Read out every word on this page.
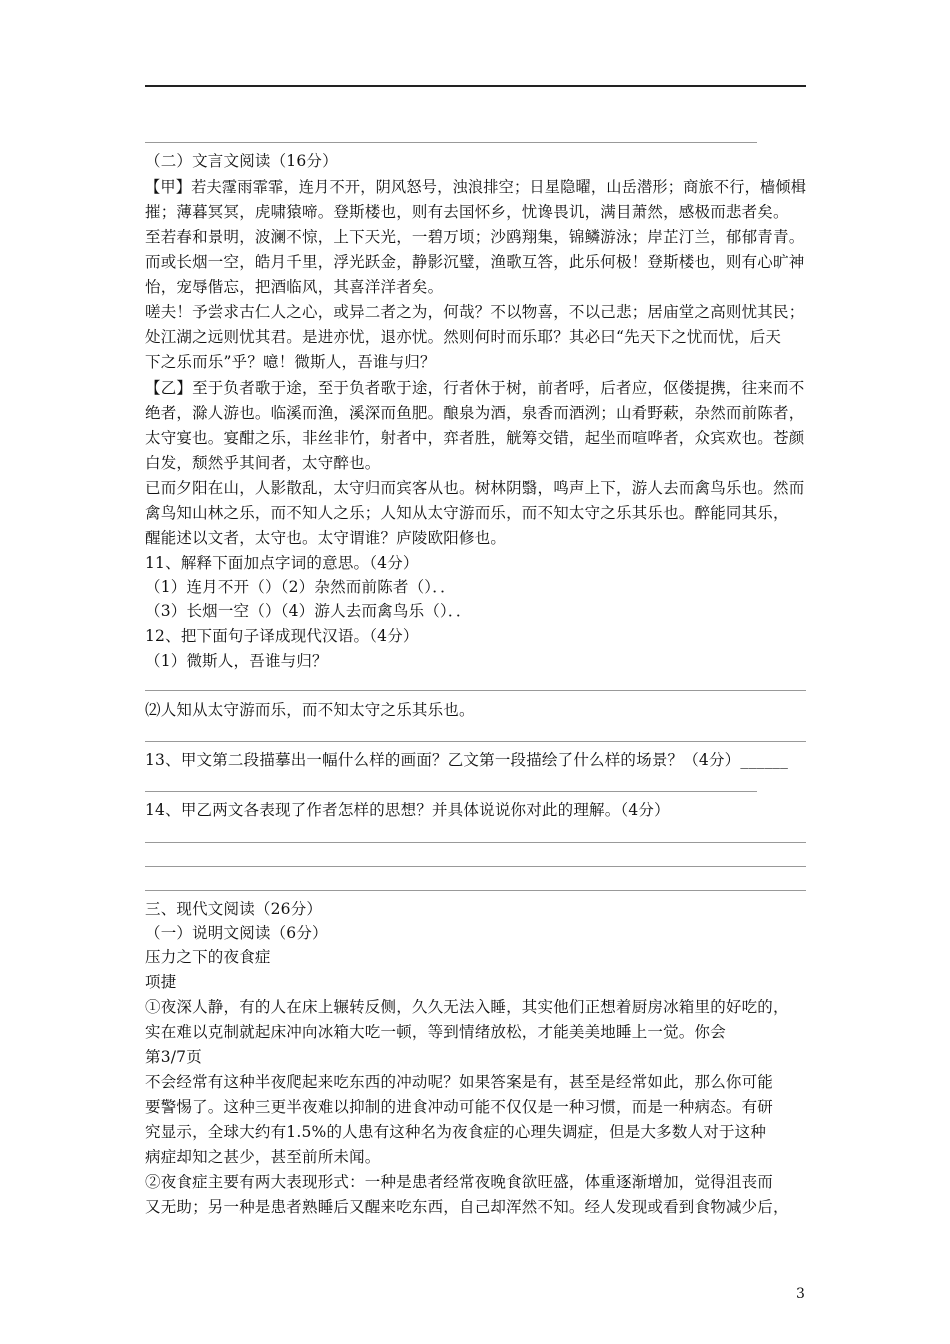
（二）文言文阅读（16分）
【甲】若夫霪雨霏霏，连月不开，阴风怒号，浊浪排空；日星隐曜，山岳潜形；商旅不行，樯倾楫
摧；薄暮冥冥，虎啸猿啼。登斯楼也，则有去国怀乡，忧谗畏讥，满目萧然，感极而悲者矣。
至若春和景明，波澜不惊，上下天光，一碧万顷；沙鸥翔集，锦鳞游泳；岸芷汀兰，郁郁青青。
而或长烟一空，皓月千里，浮光跃金，静影沉璧，渔歌互答，此乐何极！登斯楼也，则有心旷神
怡，宠辱偕忘，把酒临风，其喜洋洋者矣。
嗟夫！予尝求古仁人之心，或异二者之为，何哉？不以物喜，不以己悲；居庙堂之高则忧其民；
处江湖之远则忧其君。是进亦忧，退亦忧。然则何时而乐耶？其必曰“先天下之忧而忧，后天
下之乐而乐”乎？噫！微斯人，吾谁与归？
【乙】至于负者歌于途，至于负者歌于途，行者休于树，前者呼，后者应，伛偻提携，往来而不
绝者，滁人游也。临溪而渔，溪深而鱼肥。酿泉为酒，泉香而酒洌；山肴野蔌，杂然而前陈者，
太守宴也。宴酣之乐，非丝非竹，射者中，弈者胜，觥筹交错，起坐而喧哗者，众宾欢也。苍颜
白发，颓然乎其间者，太守醉也。
已而夕阳在山，人影散乱，太守归而宾客从也。树林阴翳，鸣声上下，游人去而禽鸟乐也。然而
禽鸟知山林之乐，而不知人之乐；人知从太守游而乐，而不知太守之乐其乐也。醉能同其乐，
醒能述以文者，太守也。太守谓谁？庐陵欧阳修也。
11、解释下面加点字词的意思。（4分）
（1）连月不开（）（2）杂然而前陈者（）．．
（3）长烟一空（）（4）游人去而禽鸟乐（）．．
12、把下面句子译成现代汉语。（4分）
（1）微斯人，吾谁与归？
⑵人知从太守游而乐，而不知太守之乐其乐也。
13、甲文第二段描摹出一幅什么样的画面？乙文第一段描绘了什么样的场景？（4分）______
14、甲乙两文各表现了作者怎样的思想？并具体说说你对此的理解。（4分）
三、现代文阅读（26分）
（一）说明文阅读（6分）
压力之下的夜食症
项捷
①夜深人静，有的人在床上辗转反侧，久久无法入睡，其实他们正想着厨房冰箱里的好吃的，
实在难以克制就起床冲向冰箱大吃一顿，等到情绪放松，才能美美地睡上一觉。你会
第3/7页
不会经常有这种半夜爬起来吃东西的冲动呢？如果答案是有，甚至是经常如此，那么你可能
要警惕了。这种三更半夜难以抑制的进食冲动可能不仅仅是一种习惯，而是一种病态。有研
究显示，全球大约有1.5%的人患有这种名为夜食症的心理失调症，但是大多数人对于这种
病症却知之甚少，甚至前所未闻。
②夜食症主要有两大表现形式：一种是患者经常夜晚食欲旺盛，体重逐渐增加，觉得沮丧而
又无助；另一种是患者熟睡后又醒来吃东西，自己却浑然不知。经人发现或看到食物减少后，
3
